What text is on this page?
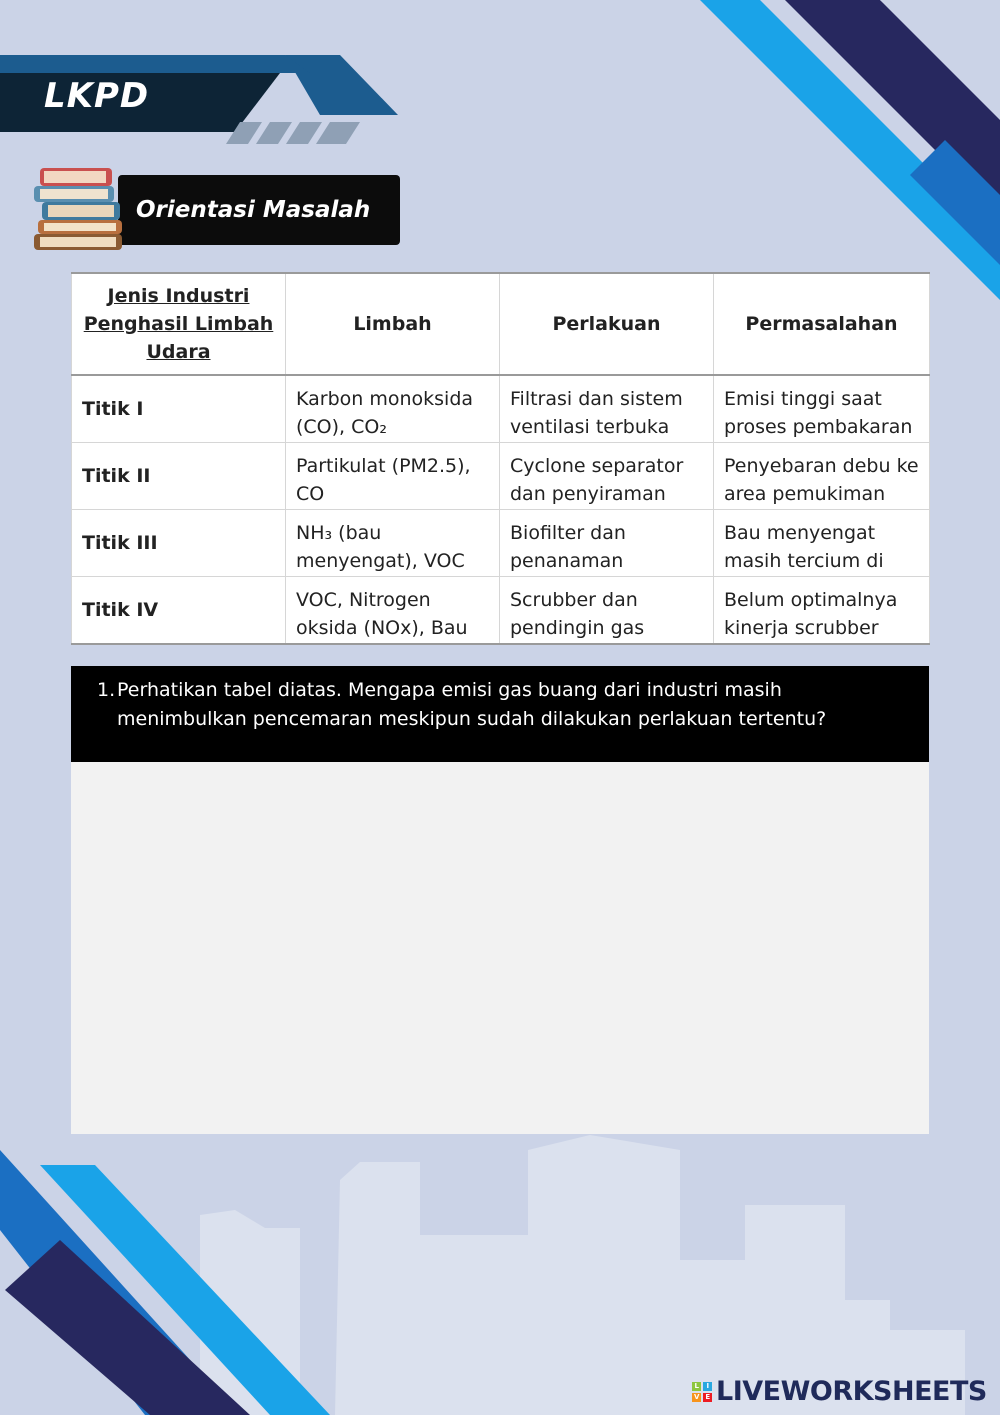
LKPD
Orientasi Masalah
Jenis Industri Penghasil Limbah Udara	Limbah	Perlakuan	Permasalahan
Titik I	Karbon monoksida (CO), CO₂	Filtrasi dan sistem ventilasi terbuka	Emisi tinggi saat proses pembakaran

Titik II	Partikulat (PM2.5), CO	Cyclone separator dan penyiraman	Penyebaran debu ke area pemukiman

Titik III	NH₃ (bau menyengat), VOC	Biofilter dan penanaman	Bau menyengat masih tercium di

Titik IV	VOC, Nitrogen oksida (NOx), Bau	Scrubber dan pendingin gas	Belum optimalnya kinerja scrubber
1. Perhatikan tabel diatas. Mengapa emisi gas buang dari industri masih menimbulkan pencemaran meskipun sudah dilakukan perlakuan tertentu?
L	I
V E LIVEWORKSHEETS
